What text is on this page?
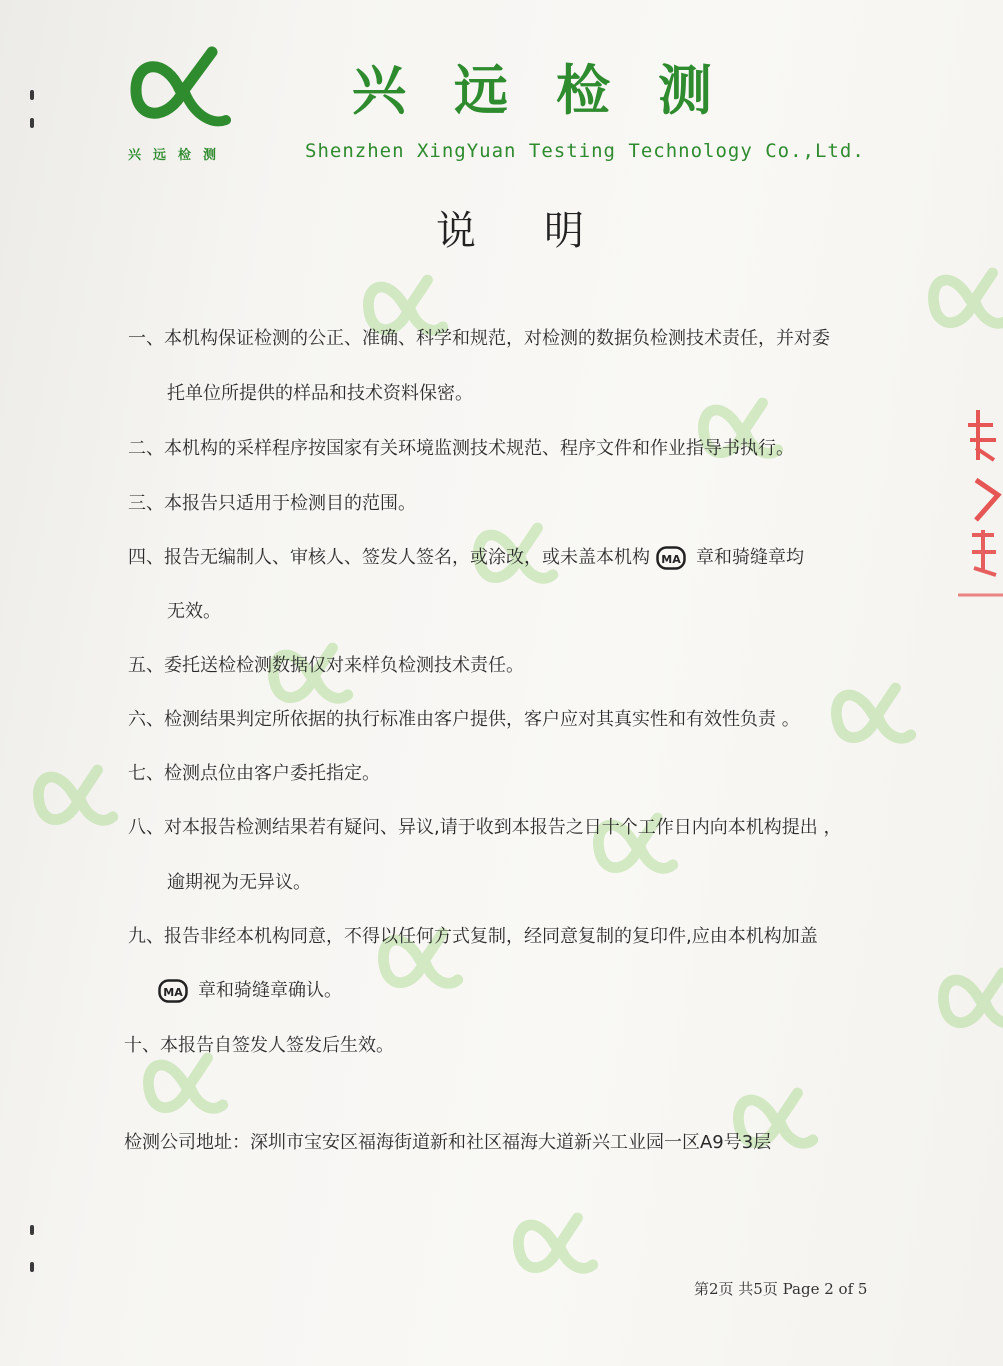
兴远检测
兴远检测
Shenzhen XingYuan Testing Technology Co.,Ltd.
说明
一、本机构保证检测的公正、准确、科学和规范，对检测的数据负检测技术责任，并对委
托单位所提供的样品和技术资料保密。
二、本机构的采样程序按国家有关环境监测技术规范、程序文件和作业指导书执行。
三、本报告只适用于检测目的范围。
四、报告无编制人、审核人、签发人签名，或涂改，或未盖本机构 MA 章和骑缝章均
无效。
五、委托送检检测数据仅对来样负检测技术责任。
六、检测结果判定所依据的执行标准由客户提供，客户应对其真实性和有效性负责 。
七、检测点位由客户委托指定。
八、对本报告检测结果若有疑问、异议,请于收到本报告之日十个工作日内向本机构提出 ，
逾期视为无异议。
九、报告非经本机构同意，不得以任何方式复制，经同意复制的复印件,应由本机构加盖
MA 章和骑缝章确认。
十、本报告自签发人签发后生效。
检测公司地址：深圳市宝安区福海街道新和社区福海大道新兴工业园一区A9号3层
第2页 共5页 Page 2 of 5
